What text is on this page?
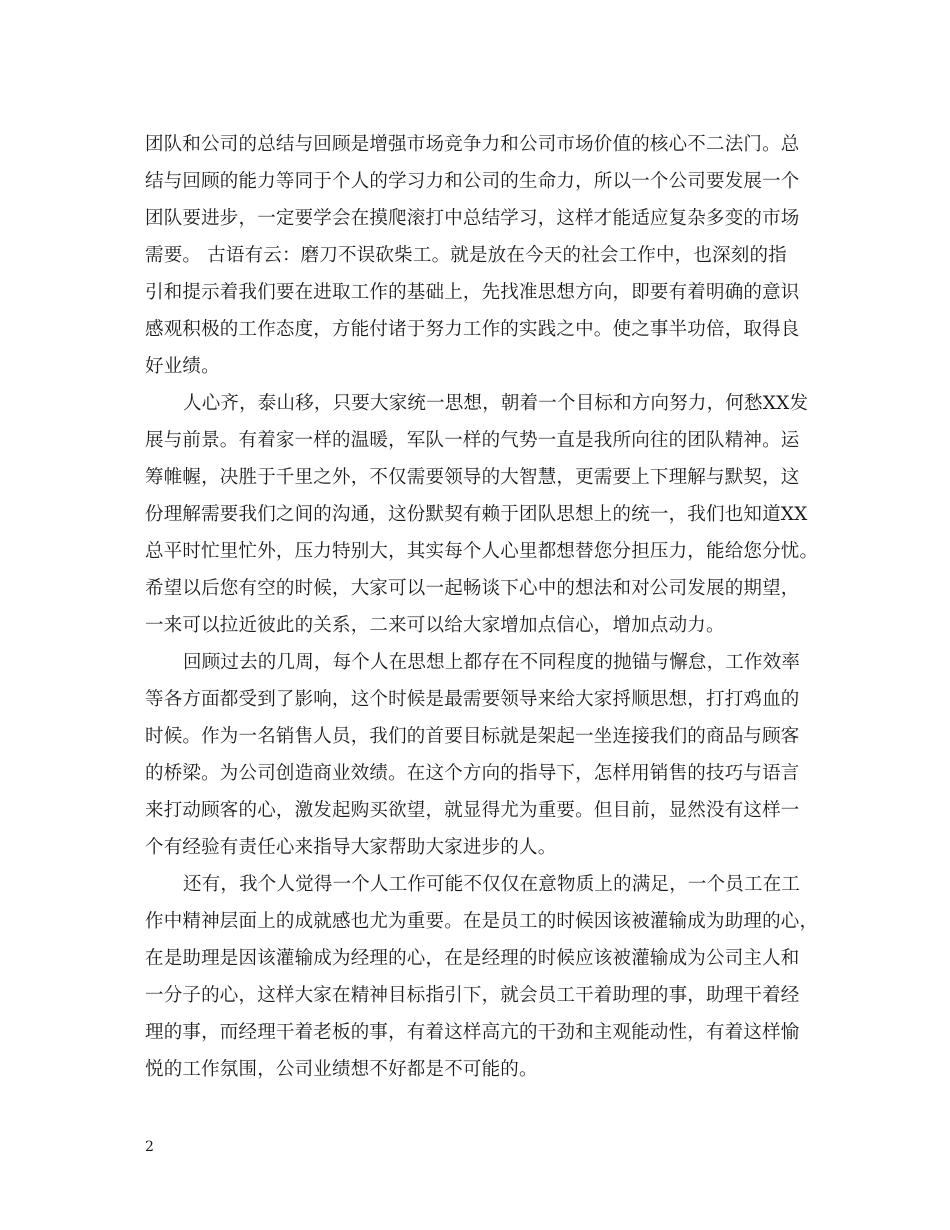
团队和公司的总结与回顾是增强市场竞争力和公司市场价值的核心不二法门。总
结与回顾的能力等同于个人的学习力和公司的生命力，所以一个公司要发展一个
团队要进步，一定要学会在摸爬滚打中总结学习，这样才能适应复杂多变的市场
需要。 古语有云：磨刀不误砍柴工。就是放在今天的社会工作中，也深刻的指
引和提示着我们要在进取工作的基础上，先找准思想方向，即要有着明确的意识
感观积极的工作态度，方能付诸于努力工作的实践之中。使之事半功倍，取得良
好业绩。
人心齐，泰山移，只要大家统一思想，朝着一个目标和方向努力，何愁XX发
展与前景。有着家一样的温暖，军队一样的气势一直是我所向往的团队精神。运
筹帷幄，决胜于千里之外，不仅需要领导的大智慧，更需要上下理解与默契，这
份理解需要我们之间的沟通，这份默契有赖于团队思想上的统一，我们也知道XX
总平时忙里忙外，压力特别大，其实每个人心里都想替您分担压力，能给您分忧。
希望以后您有空的时候，大家可以一起畅谈下心中的想法和对公司发展的期望，
一来可以拉近彼此的关系，二来可以给大家增加点信心，增加点动力。
回顾过去的几周，每个人在思想上都存在不同程度的抛锚与懈怠，工作效率
等各方面都受到了影响，这个时候是最需要领导来给大家捋顺思想，打打鸡血的
时候。作为一名销售人员，我们的首要目标就是架起一坐连接我们的商品与顾客
的桥梁。为公司创造商业效绩。在这个方向的指导下，怎样用销售的技巧与语言
来打动顾客的心，激发起购买欲望，就显得尤为重要。但目前，显然没有这样一
个有经验有责任心来指导大家帮助大家进步的人。
还有，我个人觉得一个人工作可能不仅仅在意物质上的满足，一个员工在工
作中精神层面上的成就感也尤为重要。在是员工的时候因该被灌输成为助理的心，
在是助理是因该灌输成为经理的心，在是经理的时候应该被灌输成为公司主人和
一分子的心，这样大家在精神目标指引下，就会员工干着助理的事，助理干着经
理的事，而经理干着老板的事，有着这样高亢的干劲和主观能动性，有着这样愉
悦的工作氛围，公司业绩想不好都是不可能的。
2
